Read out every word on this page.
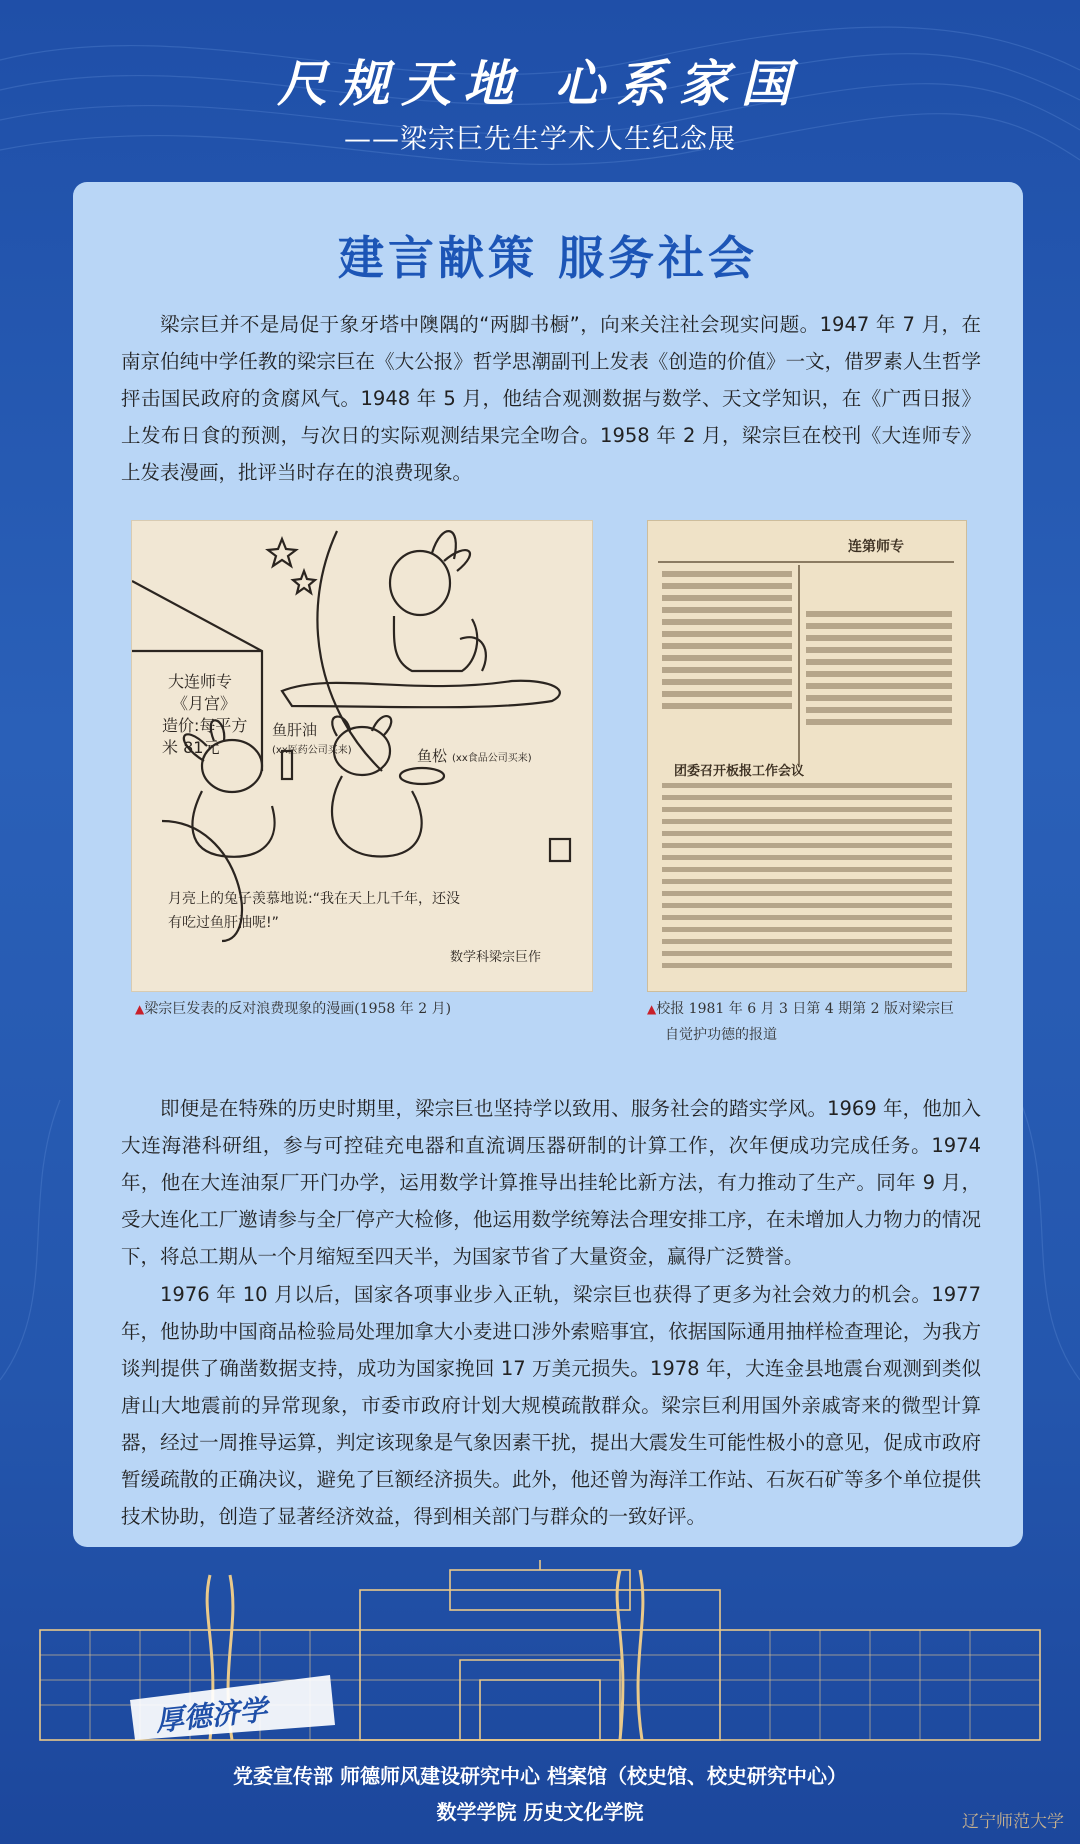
尺规天地 心系家国
——梁宗巨先生学术人生纪念展
建言献策 服务社会

梁宗巨并不是局促于象牙塔中隩隅的“两脚书橱”，向来关注社会现实问题。1947 年 7 月，在南京伯纯中学任教的梁宗巨在《大公报》哲学思潮副刊上发表《创造的价值》一文，借罗素人生哲学抨击国民政府的贪腐风气。1948 年 5 月，他结合观测数据与数学、天文学知识，在《广西日报》上发布日食的预测，与次日的实际观测结果完全吻合。1958 年 2 月，梁宗巨在校刊《大连师专》上发表漫画，批评当时存在的浪费现象。

大连师专 《月宫》 造价:每平方 米 81元
鱼肝油
(xx医药公司买来)	鱼松 (xx食品公司买来)
月亮上的兔子羡慕地说:“我在天上几千年，还没
有吃过鱼肝油呢!”
数学科梁宗巨作
连第师专
团委召开板报工作会议
▲梁宗巨发表的反对浪费现象的漫画(1958 年 2 月)	▲校报 1981 年 6 月 3 日第 4 期第 2 版对梁宗巨
自觉护功德的报道

即便是在特殊的历史时期里，梁宗巨也坚持学以致用、服务社会的踏实学风。1969 年，他加入大连海港科研组，参与可控硅充电器和直流调压器研制的计算工作，次年便成功完成任务。1974 年，他在大连油泵厂开门办学，运用数学计算推导出挂轮比新方法，有力推动了生产。同年 9 月，受大连化工厂邀请参与全厂停产大检修，他运用数学统筹法合理安排工序，在未增加人力物力的情况下，将总工期从一个月缩短至四天半，为国家节省了大量资金，赢得广泛赞誉。

1976 年 10 月以后，国家各项事业步入正轨，梁宗巨也获得了更多为社会效力的机会。1977 年，他协助中国商品检验局处理加拿大小麦进口涉外索赔事宜，依据国际通用抽样检查理论，为我方谈判提供了确凿数据支持，成功为国家挽回 17 万美元损失。1978 年，大连金县地震台观测到类似唐山大地震前的异常现象，市委市政府计划大规模疏散群众。梁宗巨利用国外亲戚寄来的微型计算器，经过一周推导运算，判定该现象是气象因素干扰，提出大震发生可能性极小的意见，促成市政府暂缓疏散的正确决议，避免了巨额经济损失。此外，他还曾为海洋工作站、石灰石矿等多个单位提供技术协助，创造了显著经济效益，得到相关部门与群众的一致好评。

厚德济学
党委宣传部 师德师风建设研究中心 档案馆（校史馆、校史研究中心）
数学学院 历史文化学院	辽宁师范大学
